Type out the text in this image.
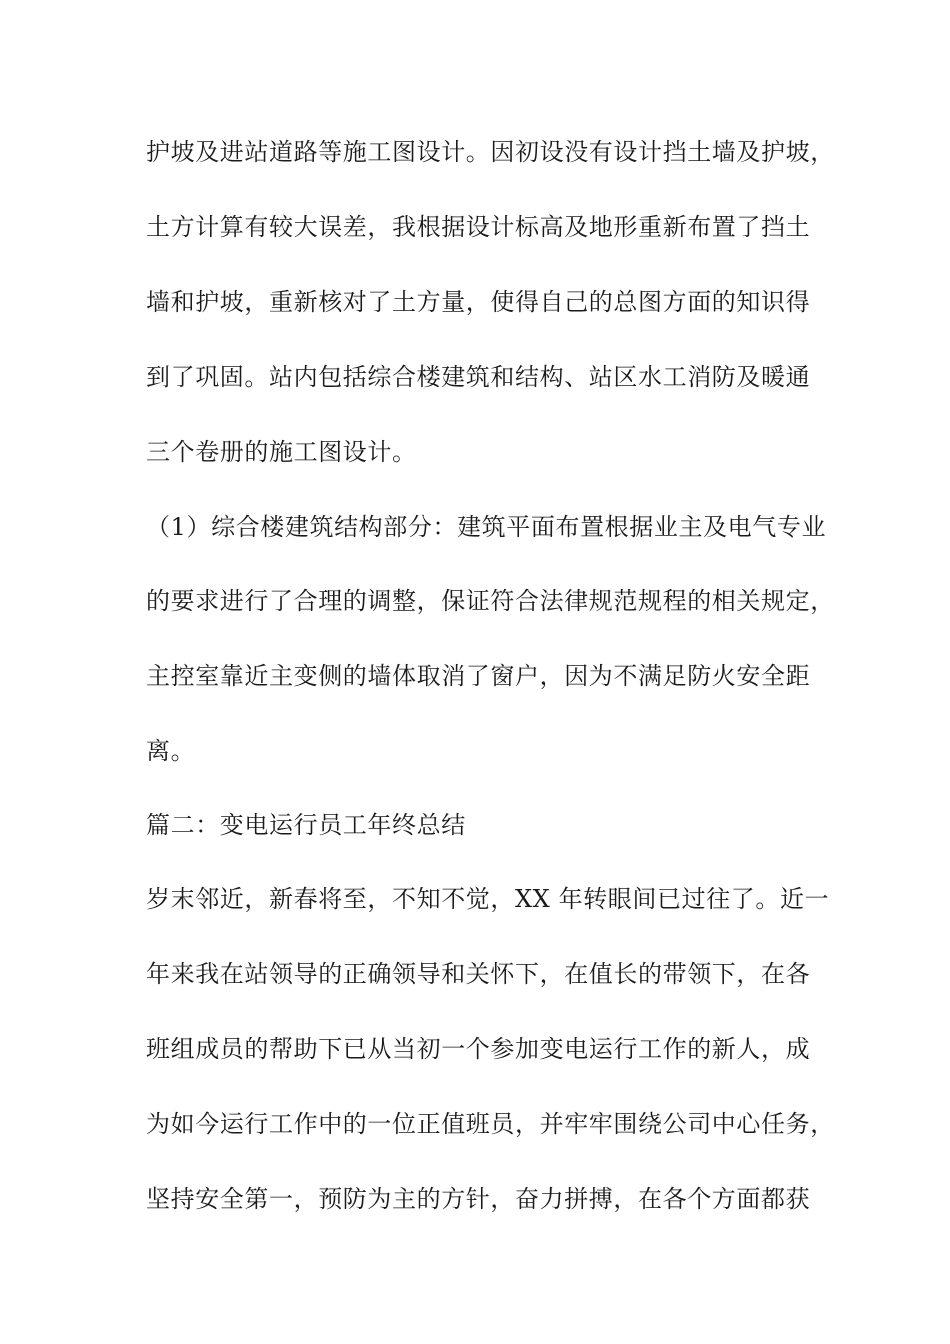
护坡及进站道路等施工图设计。因初设没有设计挡土墙及护坡，
土方计算有较大误差，我根据设计标高及地形重新布置了挡土
墙和护坡，重新核对了土方量，使得自己的总图方面的知识得
到了巩固。站内包括综合楼建筑和结构、站区水工消防及暖通
三个卷册的施工图设计。
（1）综合楼建筑结构部分：建筑平面布置根据业主及电气专业
的要求进行了合理的调整，保证符合法律规范规程的相关规定，
主控室靠近主变侧的墙体取消了窗户，因为不满足防火安全距
离。
篇二：变电运行员工年终总结
岁末邻近，新春将至，不知不觉，XX 年转眼间已过往了。近一
年来我在站领导的正确领导和关怀下，在值长的带领下，在各
班组成员的帮助下已从当初一个参加变电运行工作的新人，成
为如今运行工作中的一位正值班员，并牢牢围绕公司中心任务，
坚持安全第一，预防为主的方针，奋力拼搏，在各个方面都获
